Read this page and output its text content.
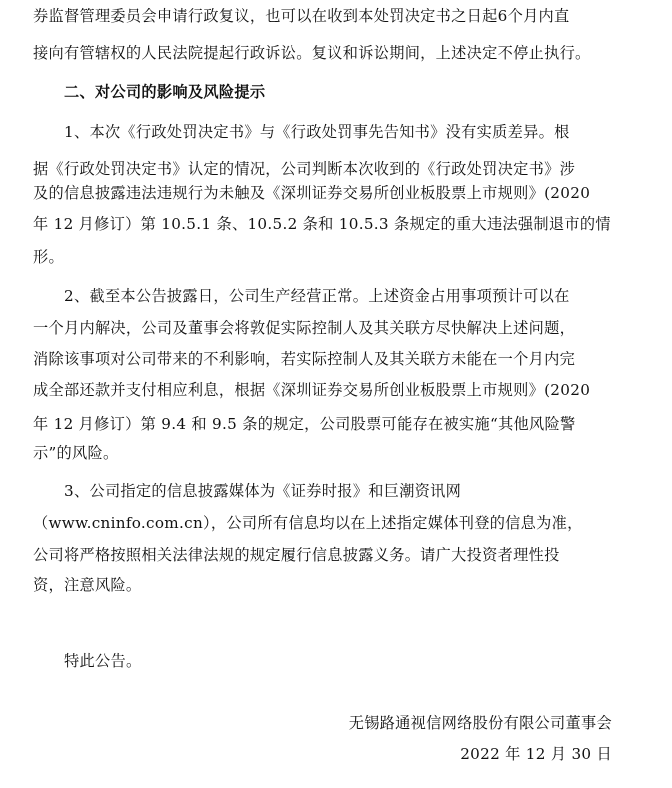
券监督管理委员会申请行政复议，也可以在收到本处罚决定书之日起6个月内直
接向有管辖权的人民法院提起行政诉讼。复议和诉讼期间，上述决定不停止执行。
二、对公司的影响及风险提示
1、本次《行政处罚决定书》与《行政处罚事先告知书》没有实质差异。根
据《行政处罚决定书》认定的情况，公司判断本次收到的《行政处罚决定书》涉
及的信息披露违法违规行为未触及《深圳证券交易所创业板股票上市规则》(2020
年 12 月修订）第 10.5.1 条、10.5.2 条和 10.5.3 条规定的重大违法强制退市的情
形。
2、截至本公告披露日，公司生产经营正常。上述资金占用事项预计可以在
一个月内解决，公司及董事会将敦促实际控制人及其关联方尽快解决上述问题，
消除该事项对公司带来的不利影响，若实际控制人及其关联方未能在一个月内完
成全部还款并支付相应利息，根据《深圳证券交易所创业板股票上市规则》(2020
年 12 月修订）第 9.4 和 9.5 条的规定，公司股票可能存在被实施“其他风险警
示”的风险。
3、公司指定的信息披露媒体为《证券时报》和巨潮资讯网
（www.cninfo.com.cn），公司所有信息均以在上述指定媒体刊登的信息为准，
公司将严格按照相关法律法规的规定履行信息披露义务。请广大投资者理性投
资，注意风险。
特此公告。
无锡路通视信网络股份有限公司董事会
2022 年 12 月 30 日
